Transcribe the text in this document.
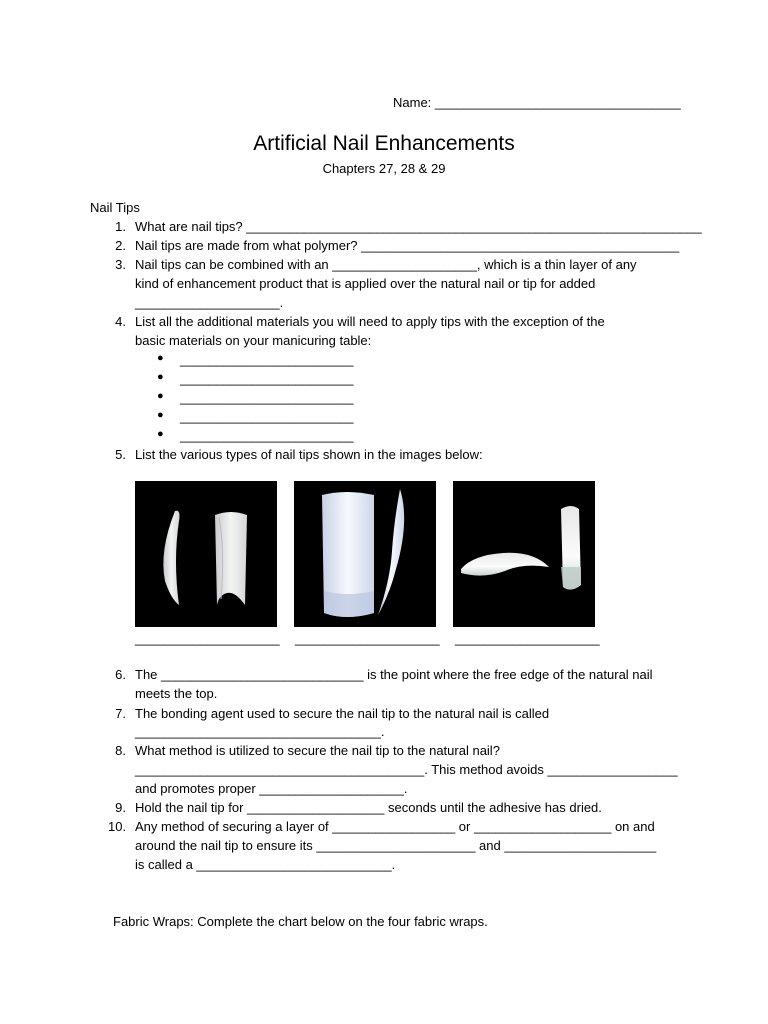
Name: __________________________________
Artificial Nail Enhancements
Chapters 27, 28 & 29
Nail Tips
1. What are nail tips? _______________________________________________________________
2. Nail tips are made from what polymer? ____________________________________________
3. Nail tips can be combined with an ____________________, which is a thin layer of any
kind of enhancement product that is applied over the natural nail or tip for added
____________________.
4. List all the additional materials you will need to apply tips with the exception of the
basic materials on your manicuring table:
● ________________________
● ________________________
● ________________________
● ________________________
● ________________________
5. List the various types of nail tips shown in the images below:
____________________ ____________________ ____________________
6. The ____________________________ is the point where the free edge of the natural nail
meets the top.
7. The bonding agent used to secure the nail tip to the natural nail is called
__________________________________.
8. What method is utilized to secure the nail tip to the natural nail?
________________________________________. This method avoids __________________
and promotes proper ____________________.
9. Hold the nail tip for ___________________ seconds until the adhesive has dried.
10. Any method of securing a layer of _________________ or ___________________ on and
around the nail tip to ensure its ______________________ and _____________________
is called a ___________________________.
Fabric Wraps: Complete the chart below on the four fabric wraps.
